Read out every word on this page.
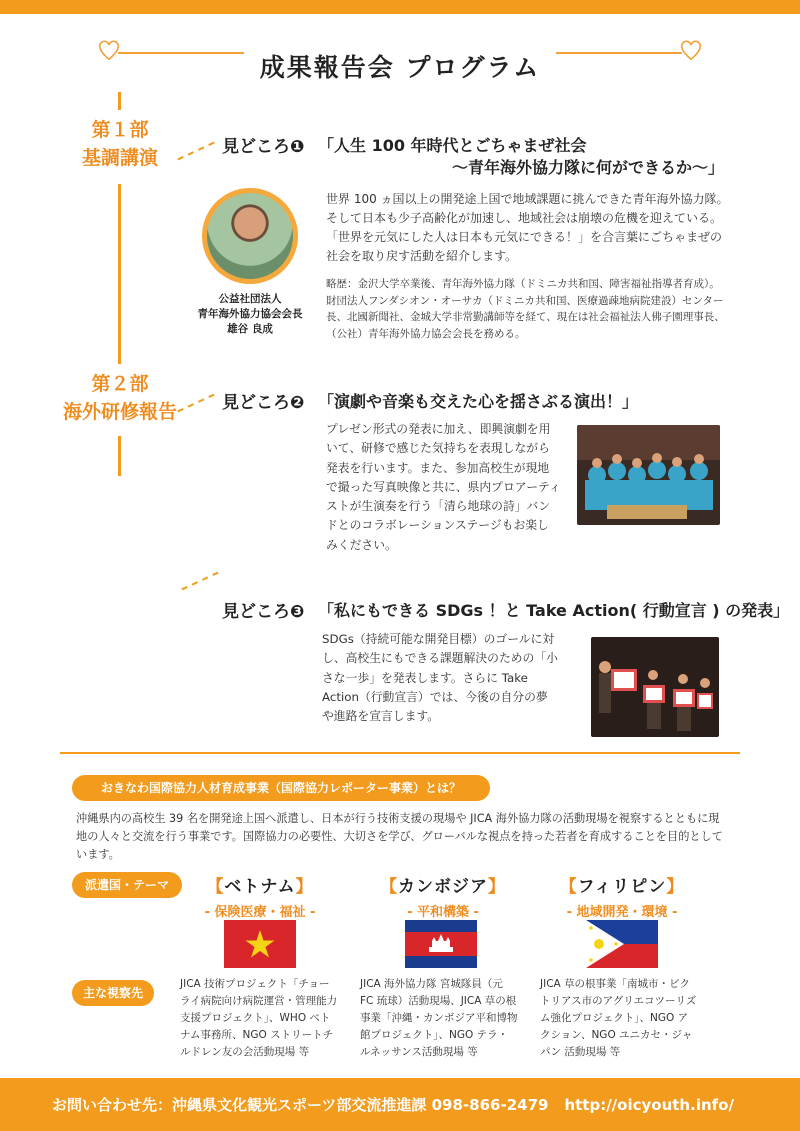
成果報告会 プログラム
第１部
基調講演
第２部
海外研修報告
見どころ❶ 「人生 100 年時代とごちゃまぜ社会
～青年海外協力隊に何ができるか～」
公益社団法人
青年海外協力協会会長
雄谷 良成
世界 100 ヵ国以上の開発途上国で地域課題に挑んできた青年海外協力隊。
そして日本も少子高齢化が加速し、地域社会は崩壊の危機を迎えている。
「世界を元気にした人は日本も元気にできる！」を合言葉にごちゃまぜの
社会を取り戻す活動を紹介します。
略歴：金沢大学卒業後、青年海外協力隊（ドミニカ共和国、障害福祉指導者育成）。
財団法人フンダシオン・オーサカ（ドミニカ共和国、医療過疎地病院建設）センター
長、北國新聞社、金城大学非常勤講師等を経て、現在は社会福祉法人佛子園理事長、
（公社）青年海外協力協会会長を務める。
見どころ❷ 「演劇や音楽も交えた心を揺さぶる演出！」
プレゼン形式の発表に加え、即興演劇を用
いて、研修で感じた気持ちを表現しながら
発表を行います。また、参加高校生が現地
で撮った写真映像と共に、県内プロアーティ
ストが生演奏を行う「清ら地球の詩」バン
ドとのコラボレーションステージもお楽し
みください。
見どころ❸ 「私にもできる SDGs ！と Take Action( 行動宣言 ) の発表」
SDGs（持続可能な開発目標）のゴールに対
し、高校生にもできる課題解決のための「小
さな一歩」を発表します。さらに Take
Action（行動宣言）では、今後の自分の夢
や進路を宣言します。
おきなわ国際協力人材育成事業（国際協力レポーター事業）とは？
沖縄県内の高校生 39 名を開発途上国へ派遣し、日本が行う技術支援の現場や JICA 海外協力隊の活動現場を視察するとともに現
地の人々と交流を行う事業です。国際協力の必要性、大切さを学び、グローバルな視点を持った若者を育成することを目的として
います。
派遣国・テーマ
主な視察先
【ベトナム】
- 保険医療・福祉 -
【カンボジア】
- 平和構築 -
【フィリピン】
- 地域開発・環境 -
JICA 技術プロジェクト「チョー
ライ病院向け病院運営・管理能力
支援プロジェクト」、WHO ベト
ナム事務所、NGO ストリートチ
ルドレン友の会活動現場 等
JICA 海外協力隊 宮城隊員（元
FC 琉球）活動現場、JICA 草の根
事業「沖縄・カンボジア平和博物
館プロジェクト」、NGO テラ・
ルネッサンス活動現場 等
JICA 草の根事業「南城市・ビク
トリアス市のアグリエコツーリズ
ム強化プロジェクト」、NGO ア
クション、NGO ユニカセ・ジャ
パン 活動現場 等
お問い合わせ先：沖縄県文化観光スポーツ部交流推進課 098-866-2479 http://oicyouth.info/
